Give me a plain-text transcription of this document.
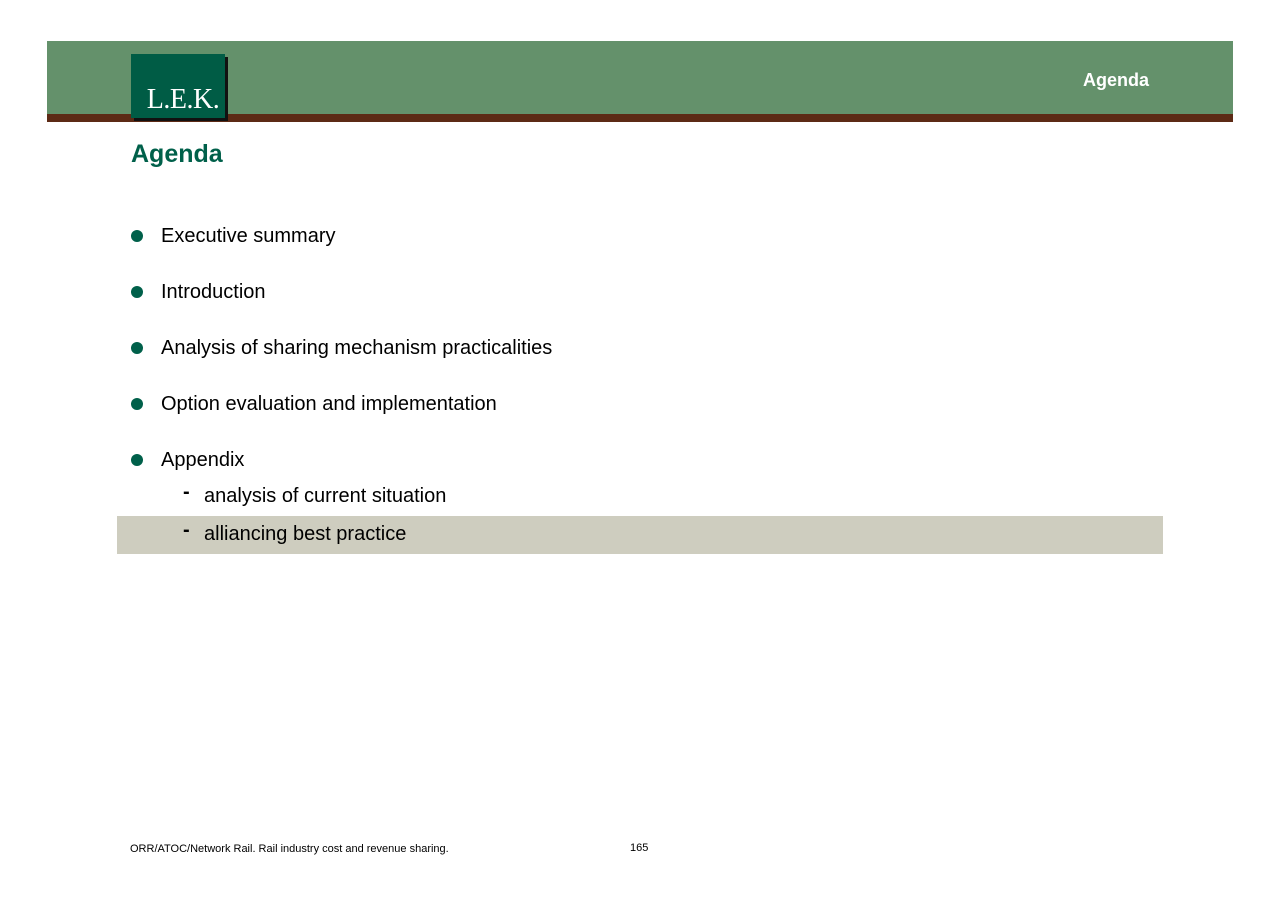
L.E.K.
Agenda
Agenda
Executive summary
Introduction
Analysis of sharing mechanism practicalities
Option evaluation and implementation
Appendix
- analysis of current situation
- alliancing best practice
ORR/ATOC/Network Rail. Rail industry cost and revenue sharing.	165
